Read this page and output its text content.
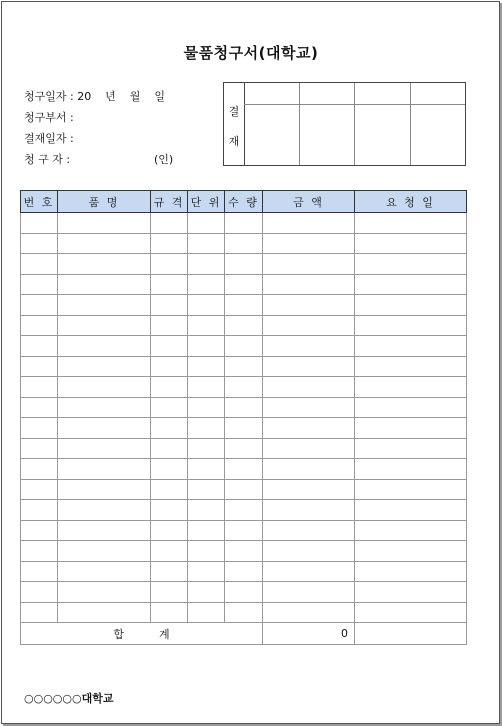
물품청구서(대학교)
청구일자 : 20    년    월    일
청구부서 :
결재일자 :
청 구 자 :	(인)
결
재
번 호	품 명	규 격	단 위	수 량	금 액	요 청 일

합          계					0	
○○○○○○대학교
